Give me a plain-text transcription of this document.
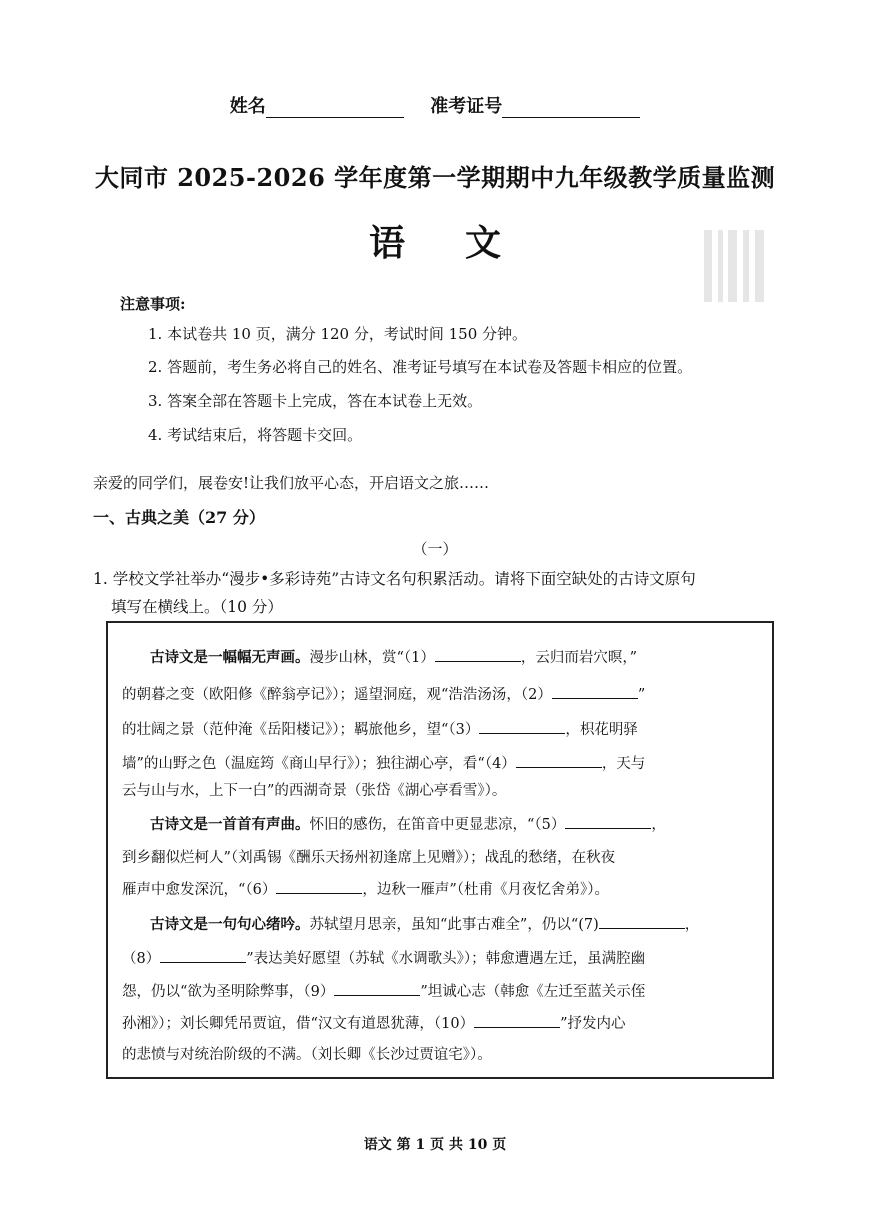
姓名	准考证号
大同市 2025-2026 学年度第一学期期中九年级教学质量监测
语 文
注意事项:
1. 本试卷共 10 页，满分 120 分，考试时间 150 分钟。
2. 答题前，考生务必将自己的姓名、准考证号填写在本试卷及答题卡相应的位置。
3. 答案全部在答题卡上完成，答在本试卷上无效。
4. 考试结束后，将答题卡交回。
亲爱的同学们，展卷安!让我们放平心态，开启语文之旅……
一、古典之美（27 分）
（一）
1. 学校文学社举办“漫步•多彩诗苑”古诗文名句积累活动。请将下面空缺处的古诗文原句
填写在横线上。（10 分）
古诗文是一幅幅无声画。漫步山林，赏“（1）	，云归而岩穴暝，”
的朝暮之变（欧阳修《醉翁亭记》）；遥望洞庭，观“浩浩汤汤，（2）	”
的壮阔之景（范仲淹《岳阳楼记》）；羁旅他乡，望“（3）	，枳花明驿
墙”的山野之色（温庭筠《商山早行》）；独往湖心亭，看“（4）	，天与
云与山与水，上下一白”的西湖奇景（张岱《湖心亭看雪》）。
古诗文是一首首有声曲。怀旧的感伤，在笛音中更显悲凉，“（5）	，
到乡翻似烂柯人”（刘禹锡《酬乐天扬州初逢席上见赠》）；战乱的愁绪，在秋夜
雁声中愈发深沉，“（6）	，边秋一雁声”（杜甫《月夜忆舍弟》）。
古诗文是一句句心绪吟。苏轼望月思亲，虽知“此事古难全”，仍以“(7)	，
（8）	”表达美好愿望（苏轼《水调歌头》）；韩愈遭遇左迁，虽满腔幽
怨，仍以“欲为圣明除弊事，（9）	”坦诚心志（韩愈《左迁至蓝关示侄
孙湘》）；刘长卿凭吊贾谊，借“汉文有道恩犹薄，（10）	”抒发内心
的悲愤与对统治阶级的不满。（刘长卿《长沙过贾谊宅》）。
语文 第 1 页 共 10 页
